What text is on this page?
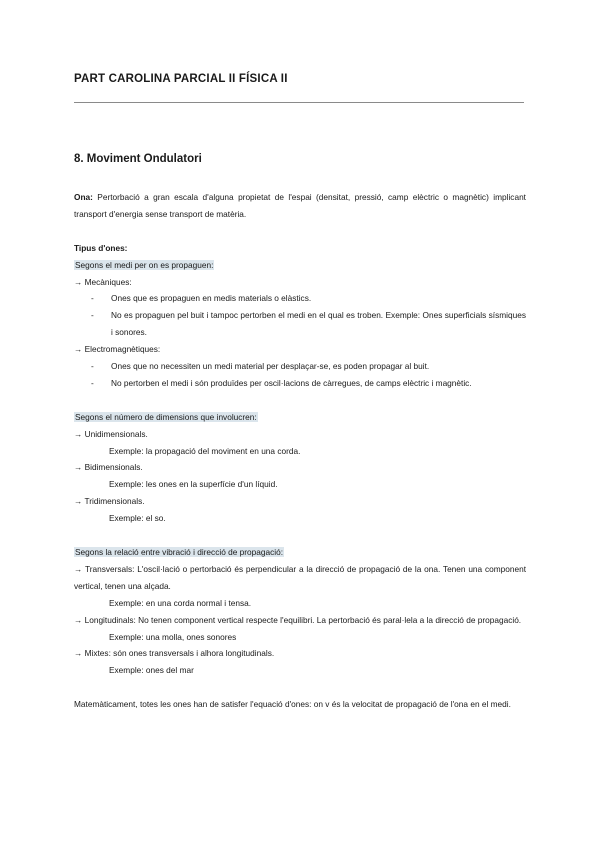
PART CAROLINA PARCIAL II FÍSICA II
8. Moviment Ondulatori

Ona: Pertorbació a gran escala d'alguna propietat de l'espai (densitat, pressió, camp elèctric o magnètic) implicant transport d'energia sense transport de matèria.

Tipus d'ones:

Segons el medi per on es propaguen:

→ Mecàniques:

- Ones que es propaguen en medis materials o elàstics.
- No es propaguen pel buit i tampoc pertorben el medi en el qual es troben. Exemple: Ones superficials sísmiques i sonores.

→ Electromagnètiques:

- Ones que no necessiten un medi material per desplaçar-se, es poden propagar al buit.
- No pertorben el medi i són produïdes per oscil·lacions de càrregues, de camps elèctric i magnètic.

Segons el número de dimensions que involucren:

→ Unidimensionals.

Exemple: la propagació del moviment en una corda.

→ Bidimensionals.

Exemple: les ones en la superfície d'un líquid.

→ Tridimensionals.

Exemple: el so.

Segons la relació entre vibració i direcció de propagació:

→ Transversals: L'oscil·lació o pertorbació és perpendicular a la direcció de propagació de la ona. Tenen una component vertical, tenen una alçada.

Exemple: en una corda normal i tensa.

→ Longitudinals: No tenen component vertical respecte l'equilibri. La pertorbació és paral·lela a la direcció de propagació.

Exemple: una molla, ones sonores

→ Mixtes: són ones transversals i alhora longitudinals.

Exemple: ones del mar

Matemàticament, totes les ones han de satisfer l'equació d'ones: on v és la velocitat de propagació de l'ona en el medi.
